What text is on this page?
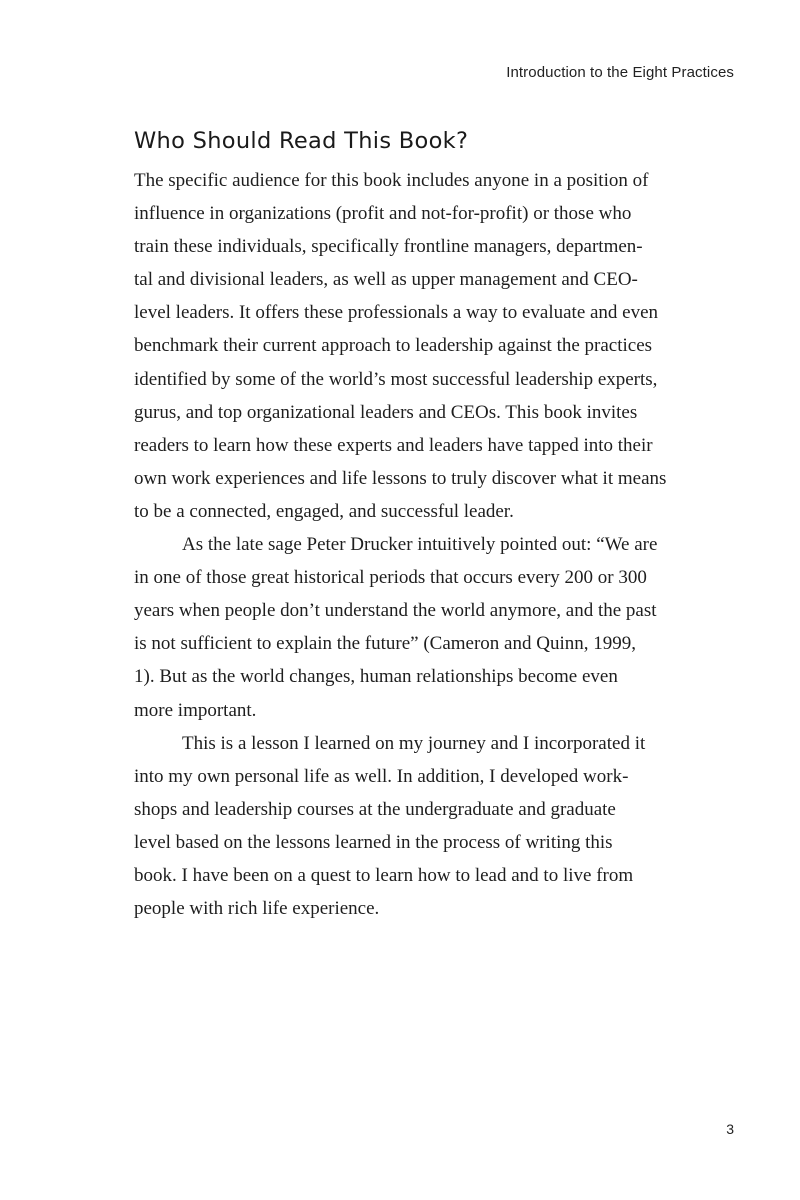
Introduction to the Eight Practices
Who Should Read This Book?

The specific audience for this book includes anyone in a position of
influence in organizations (profit and not-for-profit) or those who
train these individuals, specifically frontline managers, departmen-
tal and divisional leaders, as well as upper management and CEO-
level leaders. It offers these professionals a way to evaluate and even
benchmark their current approach to leadership against the practices
identified by some of the world’s most successful leadership experts,
gurus, and top organizational leaders and CEOs. This book invites
readers to learn how these experts and leaders have tapped into their
own work experiences and life lessons to truly discover what it means
to be a connected, engaged, and successful leader.

As the late sage Peter Drucker intuitively pointed out: “We are
in one of those great historical periods that occurs every 200 or 300
years when people don’t understand the world anymore, and the past
is not sufficient to explain the future” (Cameron and Quinn, 1999,
1). But as the world changes, human relationships become even
more important.

This is a lesson I learned on my journey and I incorporated it
into my own personal life as well. In addition, I developed work-
shops and leadership courses at the undergraduate and graduate
level based on the lessons learned in the process of writing this
book. I have been on a quest to learn how to lead and to live from
people with rich life experience.

3
